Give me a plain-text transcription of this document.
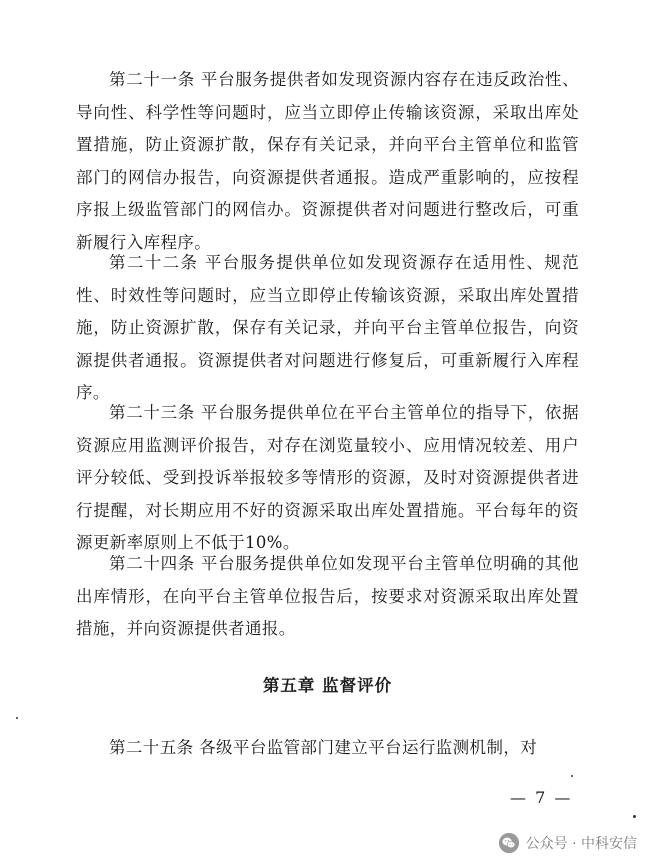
第二十一条 平台服务提供者如发现资源内容存在违反政治性、导向性、科学性等问题时，应当立即停止传输该资源，采取出库处置措施，防止资源扩散，保存有关记录，并向平台主管单位和监管部门的网信办报告，向资源提供者通报。造成严重影响的，应按程序报上级监管部门的网信办。资源提供者对问题进行整改后，可重新履行入库程序。

第二十二条 平台服务提供单位如发现资源存在适用性、规范性、时效性等问题时，应当立即停止传输该资源，采取出库处置措施，防止资源扩散，保存有关记录，并向平台主管单位报告，向资源提供者通报。资源提供者对问题进行修复后，可重新履行入库程序。

第二十三条 平台服务提供单位在平台主管单位的指导下，依据资源应用监测评价报告，对存在浏览量较小、应用情况较差、用户评分较低、受到投诉举报较多等情形的资源，及时对资源提供者进行提醒，对长期应用不好的资源采取出库处置措施。平台每年的资源更新率原则上不低于10%。

第二十四条 平台服务提供单位如发现平台主管单位明确的其他出库情形，在向平台主管单位报告后，按要求对资源采取出库处置措施，并向资源提供者通报。

第五章 监督评价

第二十五条 各级平台监管部门建立平台运行监测机制，对

— 7 —
公众号 · 中科安信
